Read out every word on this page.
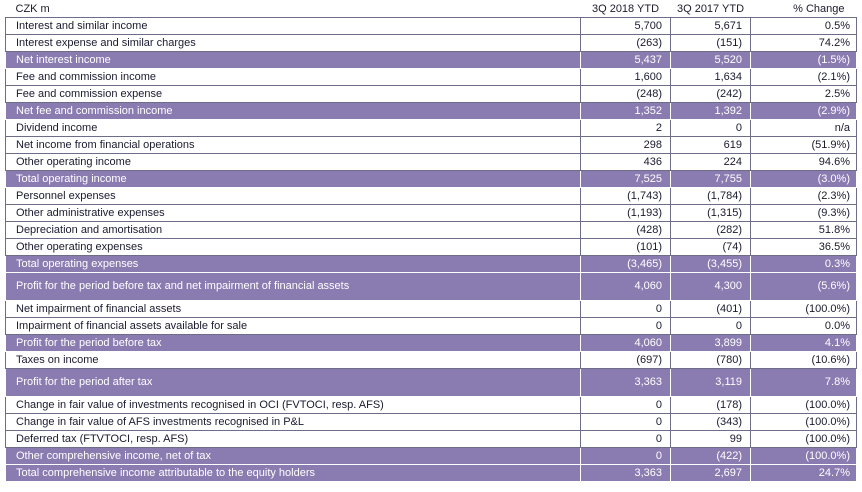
CZK m	3Q 2018 YTD	3Q 2017 YTD	% Change
Interest and similar income	5,700	5,671	0.5%
Interest expense and similar charges	(263)	(151)	74.2%
Net interest income	5,437	5,520	(1.5%)
Fee and commission income	1,600	1,634	(2.1%)
Fee and commission expense	(248)	(242)	2.5%
Net fee and commission income	1,352	1,392	(2.9%)
Dividend income	2	0	n/a
Net income from financial operations	298	619	(51.9%)
Other operating income	436	224	94.6%
Total operating income	7,525	7,755	(3.0%)
Personnel expenses	(1,743)	(1,784)	(2.3%)
Other administrative expenses	(1,193)	(1,315)	(9.3%)
Depreciation and amortisation	(428)	(282)	51.8%
Other operating expenses	(101)	(74)	36.5%
Total operating expenses	(3,465)	(3,455)	0.3%
Profit for the period before tax and net impairment of financial assets	4,060	4,300	(5.6%)
Net impairment of financial assets	0	(401)	(100.0%)
Impairment of financial assets available for sale	0	0	0.0%
Profit for the period before tax	4,060	3,899	4.1%
Taxes on income	(697)	(780)	(10.6%)
Profit for the period after tax	3,363	3,119	7.8%
Change in fair value of investments recognised in OCI (FVTOCI, resp. AFS)	0	(178)	(100.0%)
Change in fair value of AFS investments recognised in P&L	0	(343)	(100.0%)
Deferred tax (FTVTOCI, resp. AFS)	0	99	(100.0%)
Other comprehensive income, net of tax	0	(422)	(100.0%)
Total comprehensive income attributable to the equity holders	3,363	2,697	24.7%
